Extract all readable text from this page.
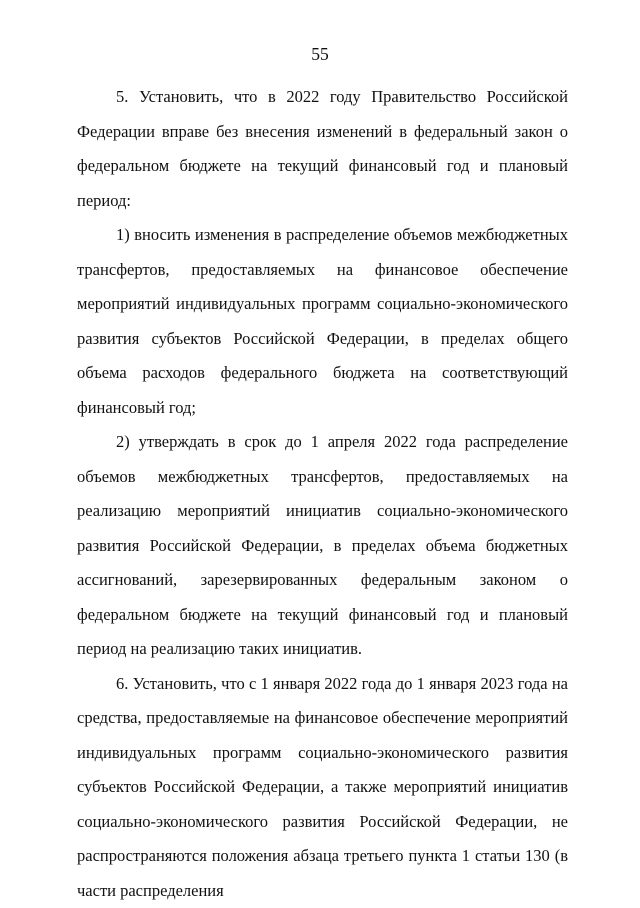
55

5. Установить, что в 2022 году Правительство Российской Федерации вправе без внесения изменений в федеральный закон о федеральном бюджете на текущий финансовый год и плановый период:

1) вносить изменения в распределение объемов межбюджетных трансфертов, предоставляемых на финансовое обеспечение мероприятий индивидуальных программ социально-экономического развития субъектов Российской Федерации, в пределах общего объема расходов федерального бюджета на соответствующий финансовый год;

2) утверждать в срок до 1 апреля 2022 года распределение объемов межбюджетных трансфертов, предоставляемых на реализацию мероприятий инициатив социально-экономического развития Российской Федерации, в пределах объема бюджетных ассигнований, зарезервированных федеральным законом о федеральном бюджете на текущий финансовый год и плановый период на реализацию таких инициатив.

6. Установить, что с 1 января 2022 года до 1 января 2023 года на средства, предоставляемые на финансовое обеспечение мероприятий индивидуальных программ социально-экономического развития субъектов Российской Федерации, а также мероприятий инициатив социально-экономического развития Российской Федерации, не распространяются положения абзаца третьего пункта 1 статьи 130 (в части распределения
